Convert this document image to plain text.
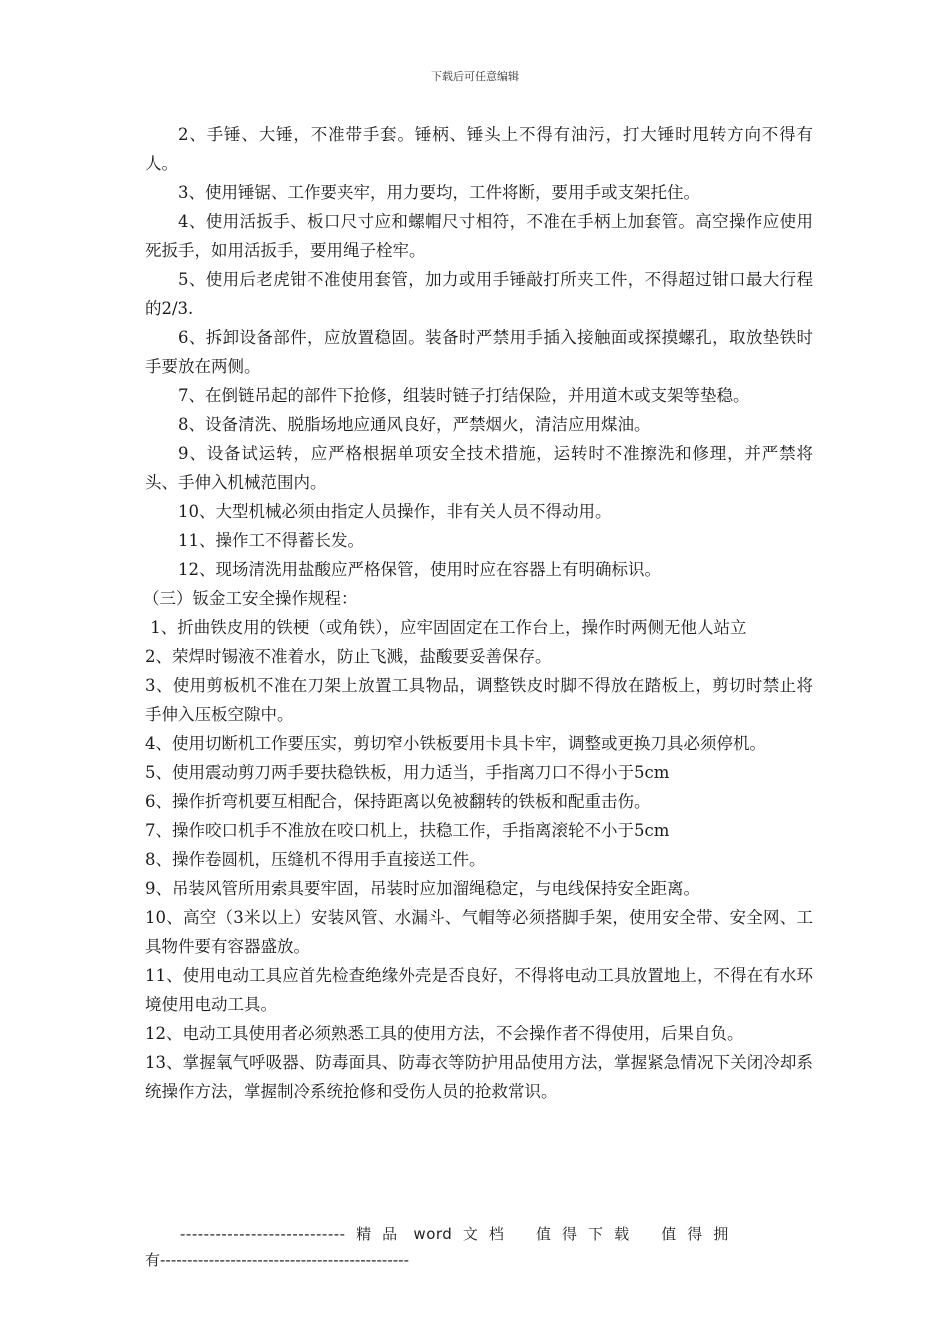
下载后可任意编辑

2、手锤、大锤，不准带手套。锤柄、锤头上不得有油污，打大锤时甩转方向不得有人。

3、使用锤锯、工作要夹牢，用力要均，工件将断，要用手或支架托住。

4、使用活扳手、板口尺寸应和螺帽尺寸相符，不准在手柄上加套管。高空操作应使用死扳手，如用活扳手，要用绳子栓牢。

5、使用后老虎钳不准使用套管，加力或用手锤敲打所夹工件，不得超过钳口最大行程的2/3.

6、拆卸设备部件，应放置稳固。装备时严禁用手插入接触面或探摸螺孔，取放垫铁时手要放在两侧。

7、在倒链吊起的部件下抢修，组装时链子打结保险，并用道木或支架等垫稳。

8、设备清洗、脱脂场地应通风良好，严禁烟火，清洁应用煤油。

9、设备试运转，应严格根据单项安全技术措施，运转时不准擦洗和修理，并严禁将头、手伸入机械范围内。

10、大型机械必须由指定人员操作，非有关人员不得动用。

11、操作工不得蓄长发。

12、现场清洗用盐酸应严格保管，使用时应在容器上有明确标识。

（三）钣金工安全操作规程：

1、折曲铁皮用的铁梗（或角铁），应牢固固定在工作台上，操作时两侧无他人站立

2、荣焊时锡液不准着水，防止飞溅，盐酸要妥善保存。

3、使用剪板机不准在刀架上放置工具物品，调整铁皮时脚不得放在踏板上，剪切时禁止将手伸入压板空隙中。

4、使用切断机工作要压实，剪切窄小铁板要用卡具卡牢，调整或更换刀具必须停机。

5、使用震动剪刀两手要扶稳铁板，用力适当，手指离刀口不得小于5cm

6、操作折弯机要互相配合，保持距离以免被翻转的铁板和配重击伤。

7、操作咬口机手不准放在咬口机上，扶稳工作，手指离滚轮不小于5cm

8、操作卷圆机，压缝机不得用手直接送工件。

9、吊装风管所用索具要牢固，吊装时应加溜绳稳定，与电线保持安全距离。

10、高空（3米以上）安装风管、水漏斗、气帽等必须搭脚手架，使用安全带、安全网、工具物件要有容器盛放。

11、使用电动工具应首先检查绝缘外壳是否良好，不得将电动工具放置地上，不得在有水环境使用电动工具。

12、电动工具使用者必须熟悉工具的使用方法，不会操作者不得使用，后果自负。

13、掌握氧气呼吸器、防毒面具、防毒衣等防护用品使用方法，掌握紧急情况下关闭冷却系统操作方法，掌握制冷系统抢修和受伤人员的抢救常识。

----------------------------  精  品   word  文  档      值  得  下  载      值  得  拥
有----------------------------------------------
